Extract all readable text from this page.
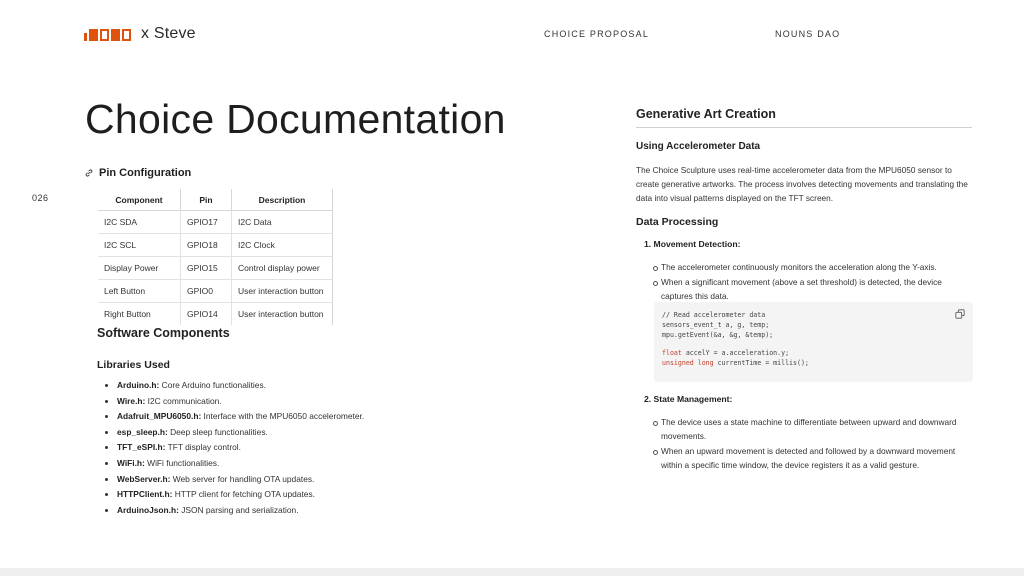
x Steve	CHOICE PROPOSAL	NOUNS DAO
Choice Documentation
026
Pin Configuration
Component	Pin	Description
I2C SDA	GPIO17	I2C Data
I2C SCL	GPIO18	I2C Clock
Display Power	GPIO15	Control display power
Left Button	GPIO0	User interaction button
Right Button	GPIO14	User interaction button
Software Components
Libraries Used
• Arduino.h: Core Arduino functionalities.
• Wire.h: I2C communication.
• Adafruit_MPU6050.h: Interface with the MPU6050 accelerometer.
• esp_sleep.h: Deep sleep functionalities.
• TFT_eSPI.h: TFT display control.
• WiFi.h: WiFi functionalities.
• WebServer.h: Web server for handling OTA updates.
• HTTPClient.h: HTTP client for fetching OTA updates.
• ArduinoJson.h: JSON parsing and serialization.
Generative Art Creation
Using Accelerometer Data

The Choice Sculpture uses real-time accelerometer data from the MPU6050 sensor to create generative artworks. The process involves detecting movements and translating the data into visual patterns displayed on the TFT screen.

Data Processing
1. Movement Detection:
The accelerometer continuously monitors the acceleration along the Y-axis.
When a significant movement (above a set threshold) is detected, the device captures this data.
// Read accelerometer data
sensors_event_t a, g, temp;
mpu.getEvent(&a, &g, &temp);
float accelY = a.acceleration.y;
unsigned long currentTime = millis();
2. State Management:
The device uses a state machine to differentiate between upward and downward movements.
When an upward movement is detected and followed by a downward movement within a specific time window, the device registers it as a valid gesture.
